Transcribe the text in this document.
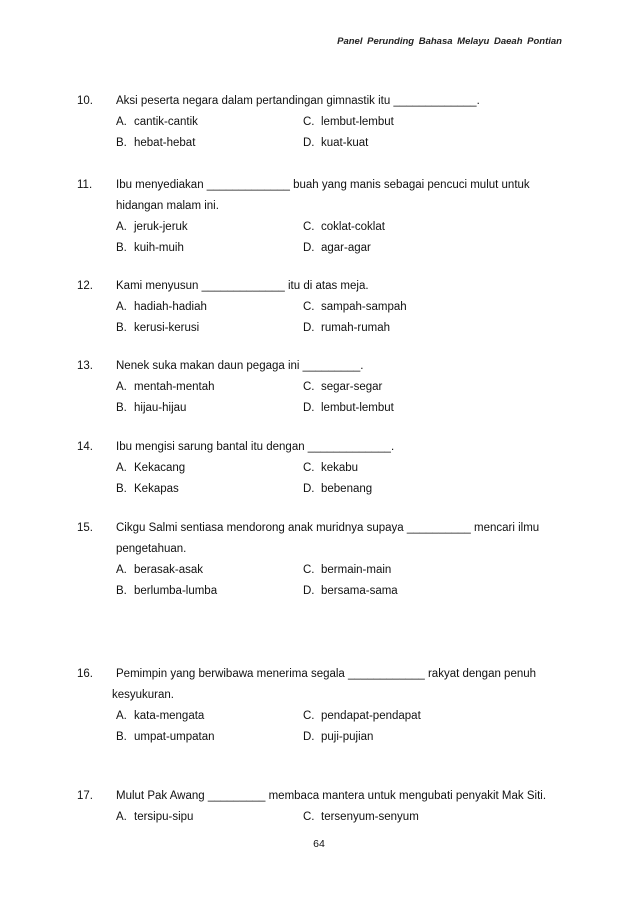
Panel Perunding Bahasa Melayu Daeah Pontian
10. Aksi peserta negara dalam pertandingan gimnastik itu _____________.
A. cantik-cantik	C. lembut-lembut
B. hebat-hebat	D. kuat-kuat
11. Ibu menyediakan _____________ buah yang manis sebagai pencuci mulut untuk
hidangan malam ini.
A. jeruk-jeruk	C. coklat-coklat
B. kuih-muih	D. agar-agar
12. Kami menyusun _____________ itu di atas meja.
A. hadiah-hadiah	C. sampah-sampah
B. kerusi-kerusi	D. rumah-rumah
13. Nenek suka makan daun pegaga ini _________.
A. mentah-mentah	C. segar-segar
B. hijau-hijau	D. lembut-lembut
14. Ibu mengisi sarung bantal itu dengan _____________.
A. Kekacang	C. kekabu
B. Kekapas	D. bebenang
15. Cikgu Salmi sentiasa mendorong anak muridnya supaya __________ mencari ilmu
pengetahuan.
A. berasak-asak	C. bermain-main
B. berlumba-lumba	D. bersama-sama
16. Pemimpin yang berwibawa menerima segala ____________ rakyat dengan penuh
kesyukuran.
A. kata-mengata	C. pendapat-pendapat
B. umpat-umpatan	D. puji-pujian
17. Mulut Pak Awang _________ membaca mantera untuk mengubati penyakit Mak Siti.
A. tersipu-sipu	C. tersenyum-senyum
64
